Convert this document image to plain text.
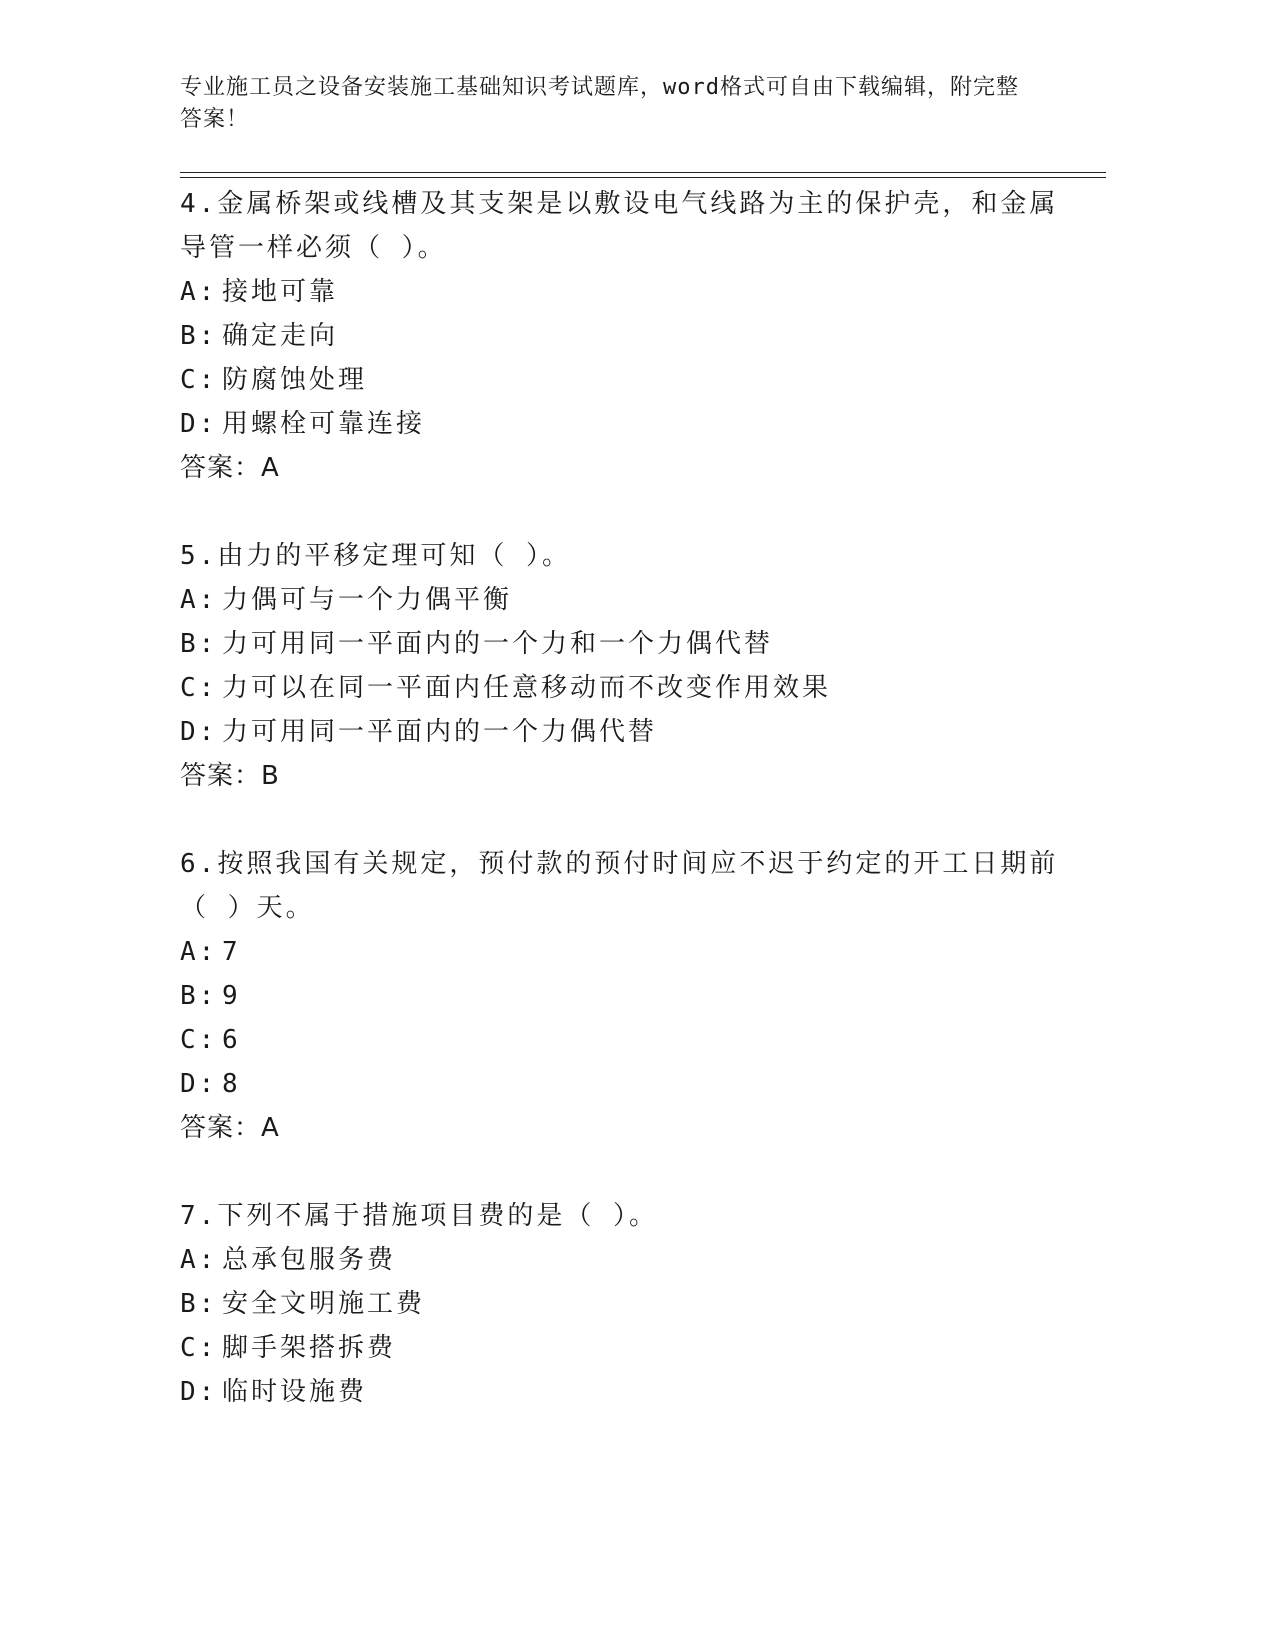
专业施工员之设备安装施工基础知识考试题库，word格式可自由下载编辑，附完整答案！

4.金属桥架或线槽及其支架是以敷设电气线路为主的保护壳，和金属导管一样必须（ ）。

A: 接地可靠

B: 确定走向

C: 防腐蚀处理

D: 用螺栓可靠连接

答案：A

5.由力的平移定理可知（ ）。

A: 力偶可与一个力偶平衡

B: 力可用同一平面内的一个力和一个力偶代替

C: 力可以在同一平面内任意移动而不改变作用效果

D: 力可用同一平面内的一个力偶代替

答案：B

6.按照我国有关规定，预付款的预付时间应不迟于约定的开工日期前（ ）天。

A: 7

B: 9

C: 6

D: 8

答案：A

7.下列不属于措施项目费的是（ ）。

A: 总承包服务费

B: 安全文明施工费

C: 脚手架搭拆费

D: 临时设施费
